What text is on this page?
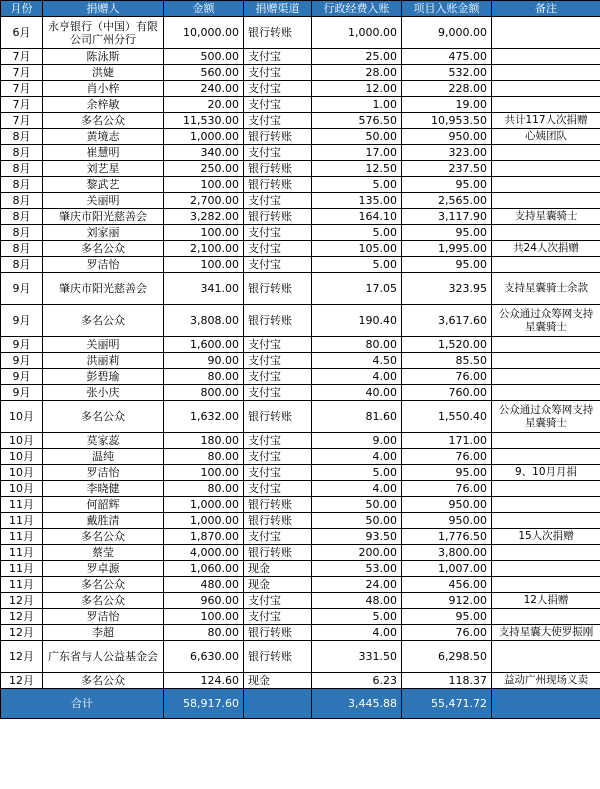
月份	捐赠人	金额	捐赠渠道	行政经费入账	项目入账金额	备注
6月	永亨银行（中国）有限公司广州分行	10,000.00	银行转账	1,000.00	9,000.00	
7月	陈泳斯	500.00	支付宝	25.00	475.00	
7月	洪婕	560.00	支付宝	28.00	532.00	
7月	肖小梓	240.00	支付宝	12.00	228.00	
7月	余梓敏	20.00	支付宝	1.00	19.00	
7月	多名公众	11,530.00	支付宝	576.50	10,953.50	共计117人次捐赠
8月	黄境志	1,000.00	银行转账	50.00	950.00	心姨团队
8月	崔慧明	340.00	支付宝	17.00	323.00	
8月	刘艺星	250.00	银行转账	12.50	237.50	
8月	黎武艺	100.00	银行转账	5.00	95.00	
8月	关丽明	2,700.00	支付宝	135.00	2,565.00	
8月	肇庆市阳光慈善会	3,282.00	银行转账	164.10	3,117.90	支持星囊骑士
8月	刘家丽	100.00	支付宝	5.00	95.00	
8月	多名公众	2,100.00	支付宝	105.00	1,995.00	共24人次捐赠
8月	罗洁怡	100.00	支付宝	5.00	95.00	
9月	肇庆市阳光慈善会	341.00	银行转账	17.05	323.95	支持星囊骑士余款
9月	多名公众	3,808.00	银行转账	190.40	3,617.60	公众通过众筹网支持星囊骑士
9月	关丽明	1,600.00	支付宝	80.00	1,520.00	
9月	洪丽莉	90.00	支付宝	4.50	85.50	
9月	彭碧瑜	80.00	支付宝	4.00	76.00	
9月	张小庆	800.00	支付宝	40.00	760.00	
10月	多名公众	1,632.00	银行转账	81.60	1,550.40	公众通过众筹网支持星囊骑士
10月	莫家蕊	180.00	支付宝	9.00	171.00	
10月	温纯	80.00	支付宝	4.00	76.00	
10月	罗洁怡	100.00	支付宝	5.00	95.00	9、10月月捐
10月	李晓健	80.00	支付宝	4.00	76.00	
11月	何韶辉	1,000.00	银行转账	50.00	950.00	
11月	戴胜清	1,000.00	银行转账	50.00	950.00	
11月	多名公众	1,870.00	支付宝	93.50	1,776.50	15人次捐赠
11月	蔡莹	4,000.00	银行转账	200.00	3,800.00	
11月	罗卓源	1,060.00	现金	53.00	1,007.00	
11月	多名公众	480.00	现金	24.00	456.00	
12月	多名公众	960.00	支付宝	48.00	912.00	12人捐赠
12月	罗洁怡	100.00	支付宝	5.00	95.00	
12月	李超	80.00	银行转账	4.00	76.00	支持星囊大使罗振刚
12月	广东省与人公益基金会	6,630.00	银行转账	331.50	6,298.50	
12月	多名公众	124.60	现金	6.23	118.37	益动广州现场义卖
合计		58,917.60		3,445.88	55,471.72	
